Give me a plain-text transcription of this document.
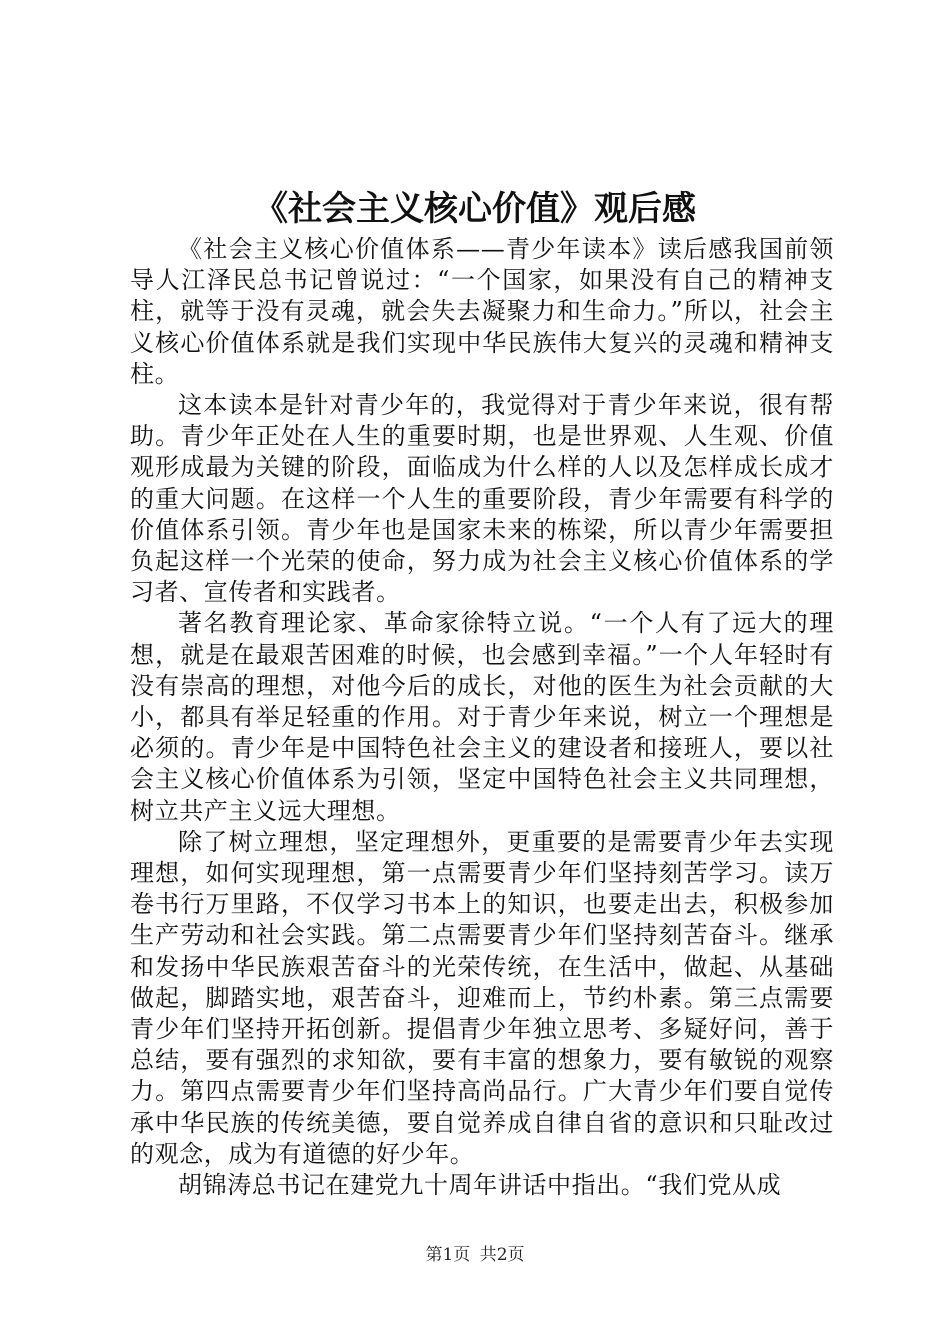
《社会主义核心价值》观后感

《社会主义核心价值体系——青少年读本》读后感我国前领导人江泽民总书记曾说过：“一个国家，如果没有自己的精神支柱，就等于没有灵魂，就会失去凝聚力和生命力。”所以，社会主义核心价值体系就是我们实现中华民族伟大复兴的灵魂和精神支柱。

这本读本是针对青少年的，我觉得对于青少年来说，很有帮助。青少年正处在人生的重要时期，也是世界观、人生观、价值观形成最为关键的阶段，面临成为什么样的人以及怎样成长成才的重大问题。在这样一个人生的重要阶段，青少年需要有科学的价值体系引领。青少年也是国家未来的栋梁，所以青少年需要担负起这样一个光荣的使命，努力成为社会主义核心价值体系的学习者、宣传者和实践者。

著名教育理论家、革命家徐特立说。“一个人有了远大的理想，就是在最艰苦困难的时候，也会感到幸福。”一个人年轻时有没有崇高的理想，对他今后的成长，对他的医生为社会贡献的大小，都具有举足轻重的作用。对于青少年来说，树立一个理想是必须的。青少年是中国特色社会主义的建设者和接班人，要以社会主义核心价值体系为引领，坚定中国特色社会主义共同理想，树立共产主义远大理想。

除了树立理想，坚定理想外，更重要的是需要青少年去实现理想，如何实现理想，第一点需要青少年们坚持刻苦学习。读万卷书行万里路，不仅学习书本上的知识，也要走出去，积极参加生产劳动和社会实践。第二点需要青少年们坚持刻苦奋斗。继承和发扬中华民族艰苦奋斗的光荣传统，在生活中，做起、从基础做起，脚踏实地，艰苦奋斗，迎难而上，节约朴素。第三点需要青少年们坚持开拓创新。提倡青少年独立思考、多疑好问，善于总结，要有强烈的求知欲，要有丰富的想象力，要有敏锐的观察力。第四点需要青少年们坚持高尚品行。广大青少年们要自觉传承中华民族的传统美德，要自觉养成自律自省的意识和只耻改过的观念，成为有道德的好少年。

胡锦涛总书记在建党九十周年讲话中指出。“我们党从成

第1页 共2页
